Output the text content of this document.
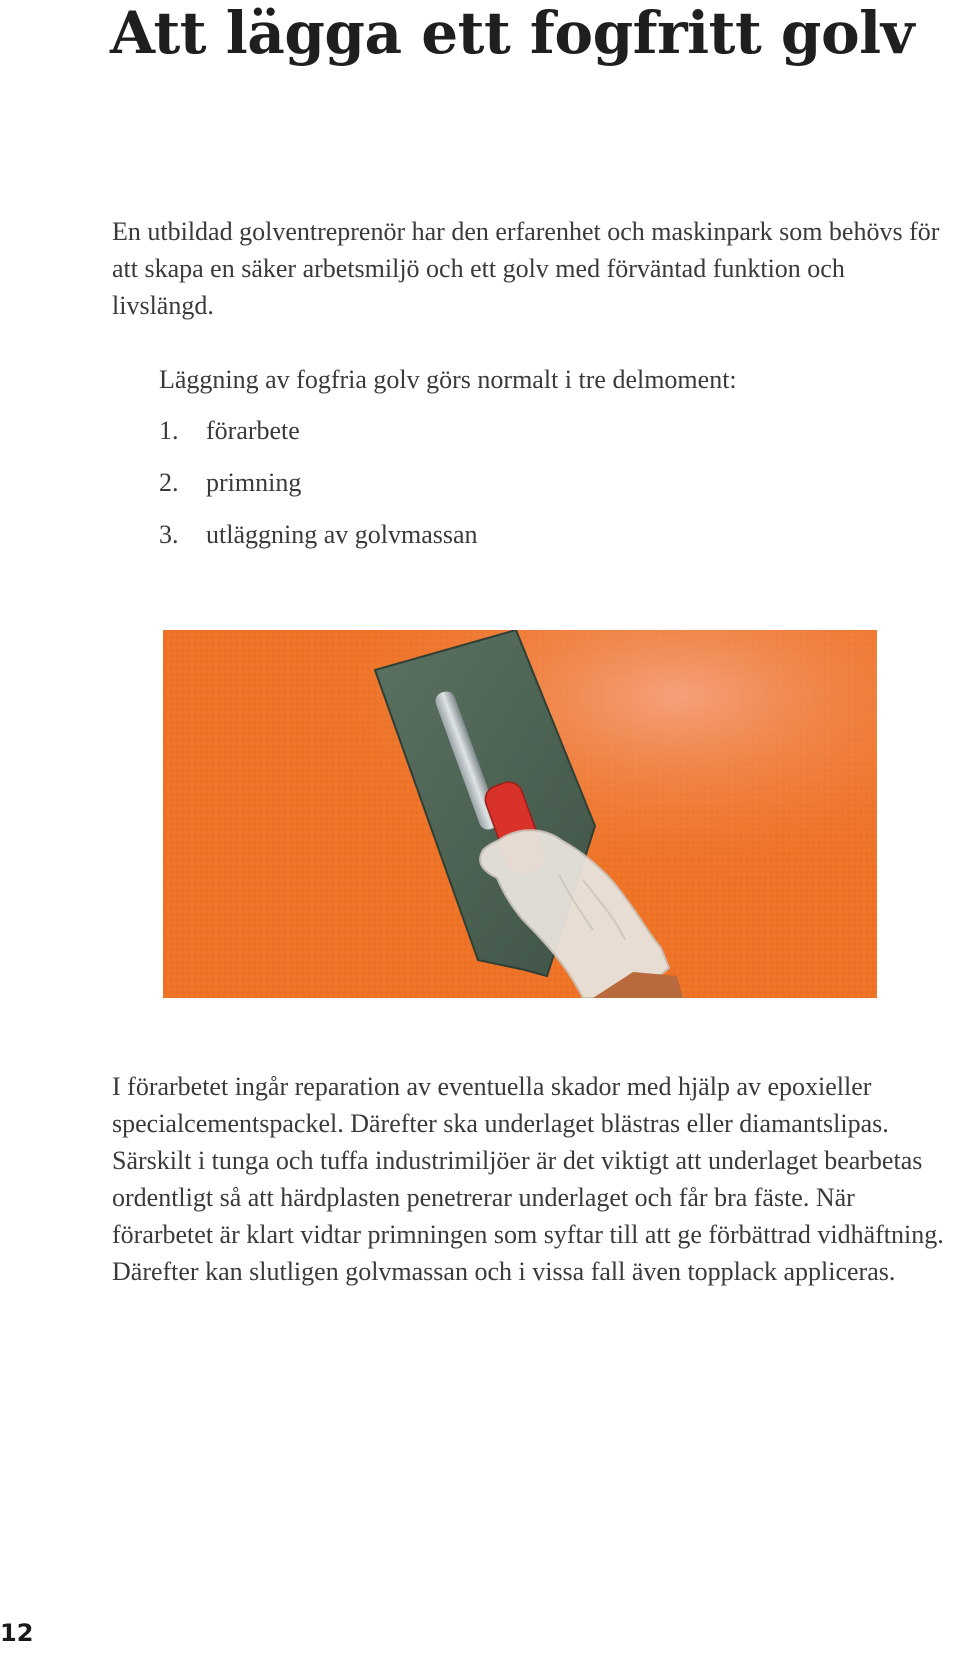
Att lägga ett fogfritt golv

En utbildad golventreprenör har den erfarenhet och maskinpark som behövs för att skapa en säker arbetsmiljö och ett golv med förväntad funktion och livslängd.

Läggning av fogfria golv görs normalt i tre delmoment:

1. förarbete
2. primning
3. utläggning av golvmassan

I förarbetet ingår reparation av eventuella skador med hjälp av epoxieller specialcementspackel. Därefter ska underlaget blästras eller diamantslipas. Särskilt i tunga och tuffa industrimiljöer är det viktigt att underlaget bearbetas ordentligt så att härdplasten penetrerar underlaget och får bra fäste. När förarbetet är klart vidtar primningen som syftar till att ge förbättrad vidhäftning. Därefter kan slutligen golvmassan och i vissa fall även topplack appliceras.

12
